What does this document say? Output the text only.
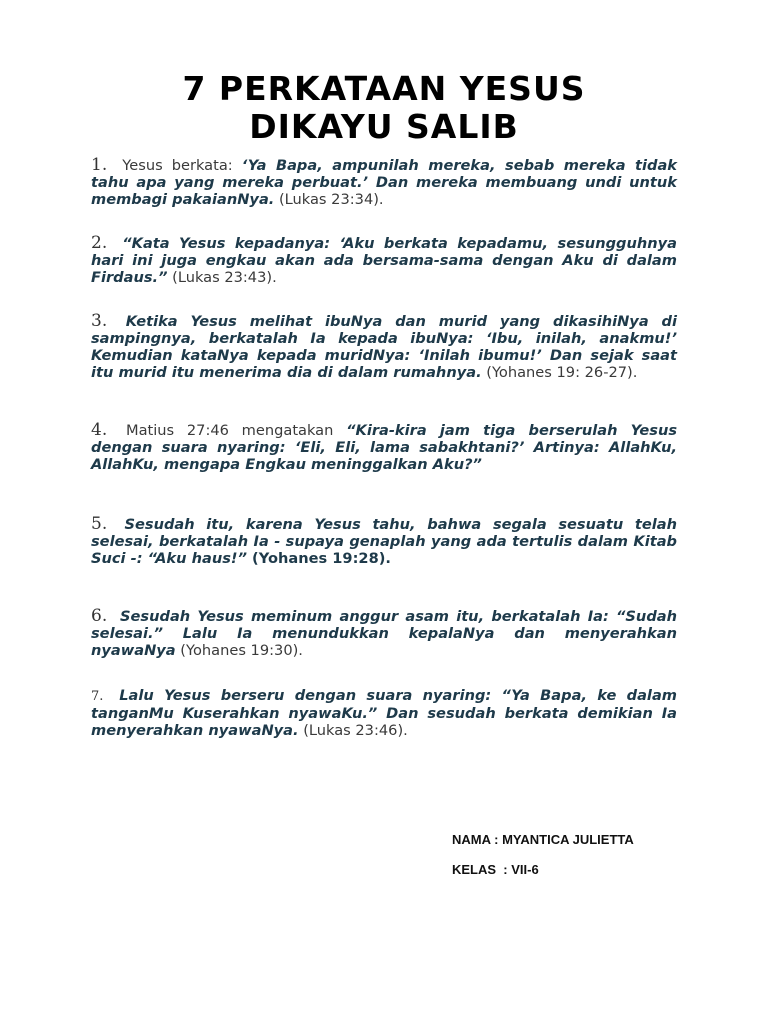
7 PERKATAAN YESUS
DIKAYU SALIB

1. Yesus berkata: ‘Ya Bapa, ampunilah mereka, sebab mereka tidak tahu apa yang mereka perbuat.’ Dan mereka membuang undi untuk membagi pakaianNya. (Lukas 23:34).

2. “Kata Yesus kepadanya: ‘Aku berkata kepadamu, sesungguhnya hari ini juga engkau akan ada bersama-sama dengan Aku di dalam Firdaus.” (Lukas 23:43).

3. Ketika Yesus melihat ibuNya dan murid yang dikasihiNya di sampingnya, berkatalah Ia kepada ibuNya: ‘Ibu, inilah, anakmu!’ Kemudian kataNya kepada muridNya: ‘Inilah ibumu!’ Dan sejak saat itu murid itu menerima dia di dalam rumahnya. (Yohanes 19: 26-27).

4. Matius 27:46 mengatakan “Kira-kira jam tiga berserulah Yesus dengan suara nyaring: ‘Eli, Eli, lama sabakhtani?’ Artinya: AllahKu, AllahKu, mengapa Engkau meninggalkan Aku?”

5. Sesudah itu, karena Yesus tahu, bahwa segala sesuatu telah selesai, berkatalah Ia - supaya genaplah yang ada tertulis dalam Kitab Suci -: “Aku haus!” (Yohanes 19:28).

6. Sesudah Yesus meminum anggur asam itu, berkatalah Ia: “Sudah selesai.” Lalu Ia menundukkan kepalaNya dan menyerahkan nyawaNya (Yohanes 19:30).

7. Lalu Yesus berseru dengan suara nyaring: “Ya Bapa, ke dalam tanganMu Kuserahkan nyawaKu.” Dan sesudah berkata demikian Ia menyerahkan nyawaNya. (Lukas 23:46).

NAMA : MYANTICA JULIETTA
KELAS  : VII-6
